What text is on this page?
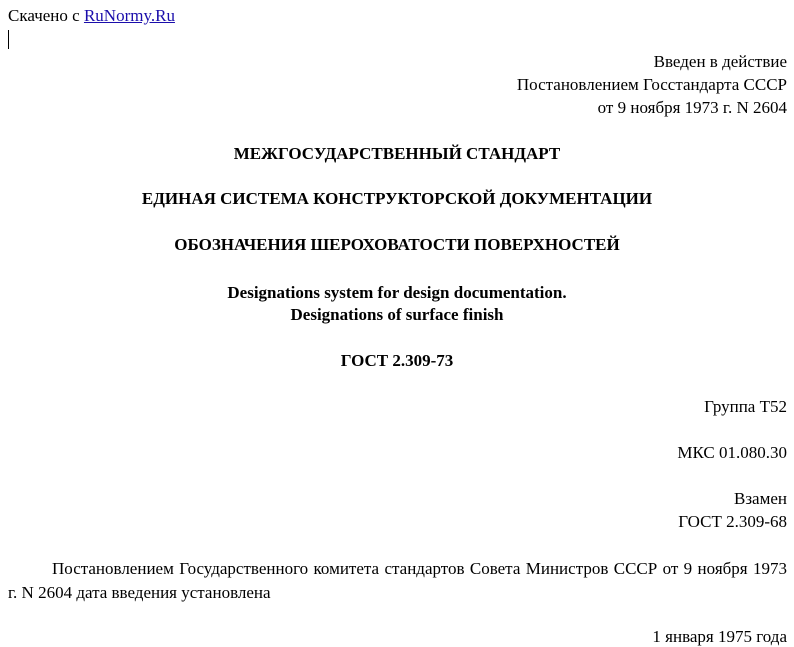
Скачено с RuNormy.Ru
Введен в действие
Постановлением Госстандарта СССР
от 9 ноября 1973 г. N 2604
МЕЖГОСУДАРСТВЕННЫЙ СТАНДАРТ
ЕДИНАЯ СИСТЕМА КОНСТРУКТОРСКОЙ ДОКУМЕНТАЦИИ
ОБОЗНАЧЕНИЯ ШЕРОХОВАТОСТИ ПОВЕРХНОСТЕЙ
Designations system for design documentation.
Designations of surface finish
ГОСТ 2.309-73
Группа Т52
МКС 01.080.30
Взамен
ГОСТ 2.309-68
Постановлением Государственного комитета стандартов Совета Министров СССР от 9 ноября 1973 г. N 2604 дата введения установлена
1 января 1975 года
